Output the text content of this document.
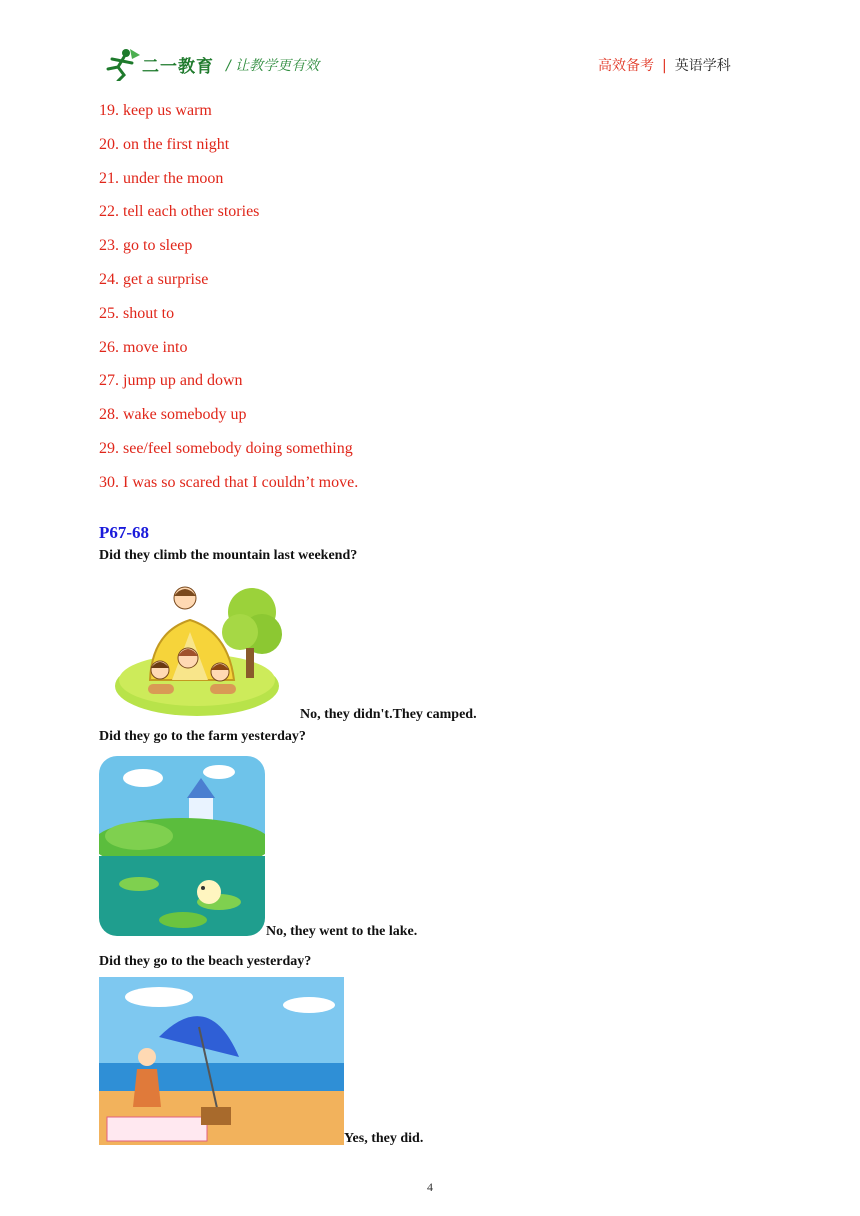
二一教育 / 让教学更有效	高效备考 | 英语学科
19. keep us warm
20. on the first night
21. under the moon
22. tell each other stories
23. go to sleep
24. get a surprise
25. shout to
26. move into
27. jump up and down
28. wake somebody up
29. see/feel somebody doing something
30. I was so scared that I couldn’t move.
P67-68
Did they climb the mountain last weekend?
No, they didn't.They camped.
Did they go to the farm yesterday?
No, they went to the lake.
Did they go to the beach yesterday?
Yes, they did.
4
